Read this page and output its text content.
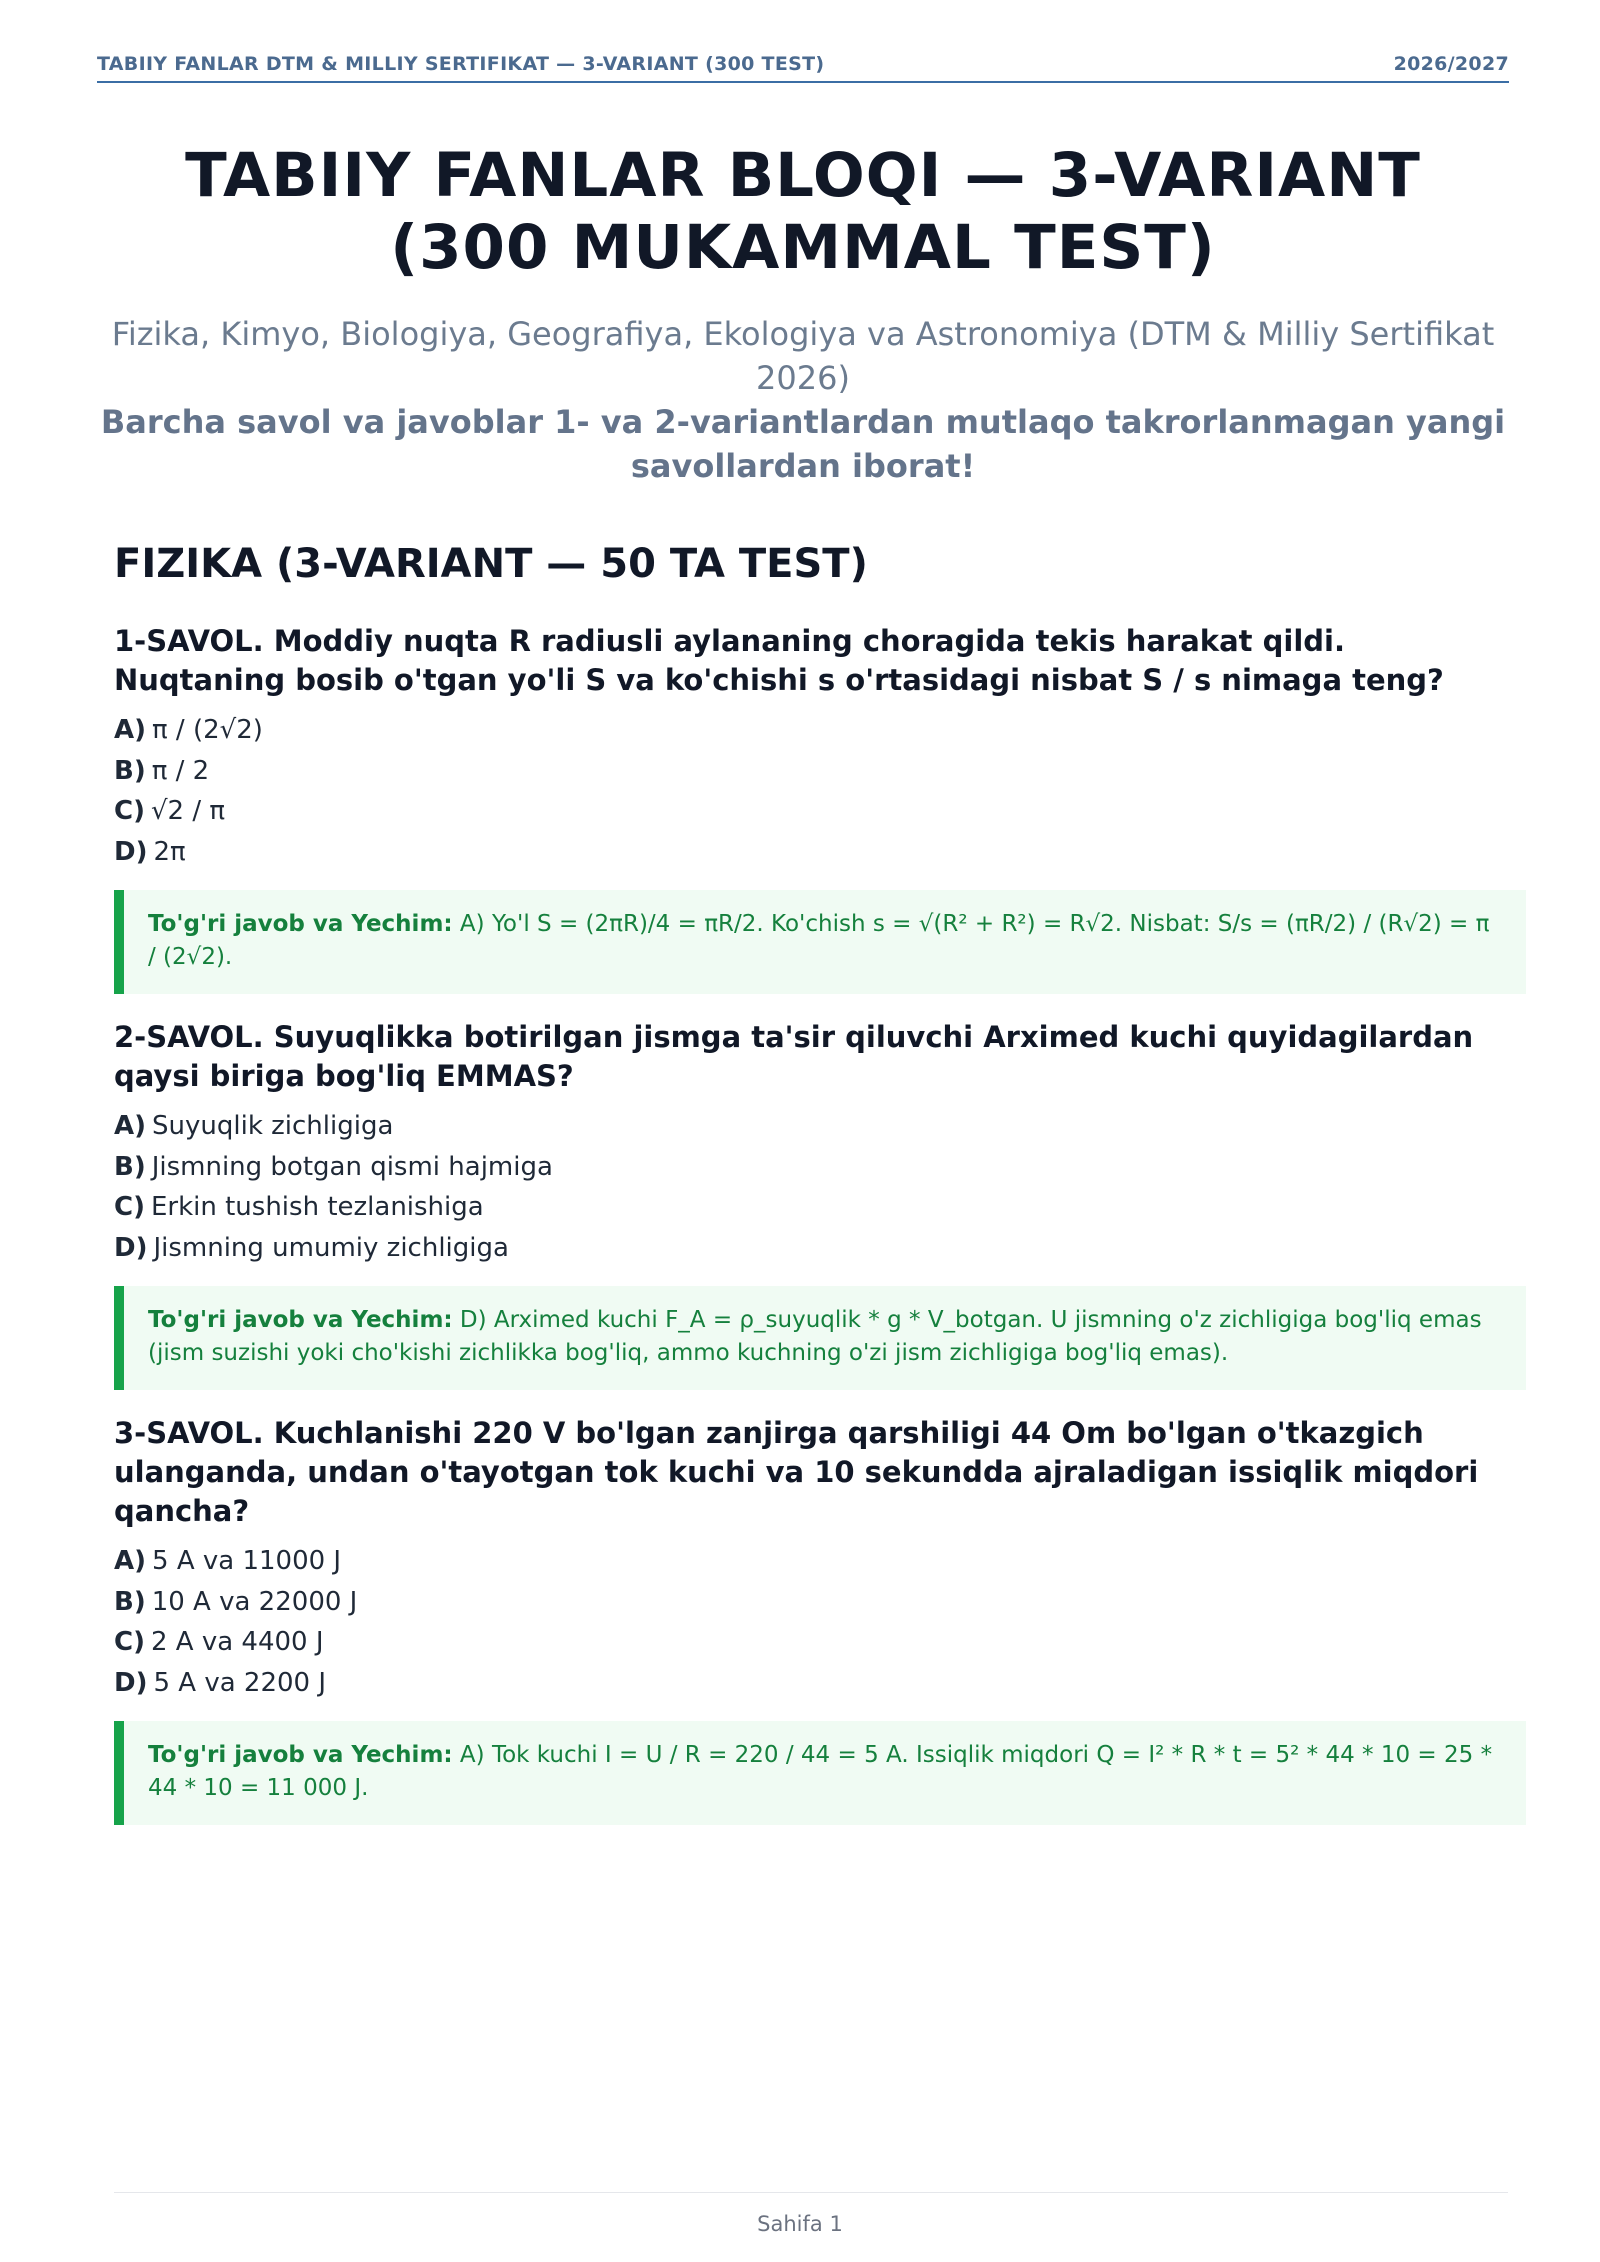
TABIIY FANLAR DTM & MILLIY SERTIFIKAT — 3-VARIANT (300 TEST)	2026/2027
TABIIY FANLAR BLOQI — 3-VARIANT (300 MUKAMMAL TEST)

Fizika, Kimyo, Biologiya, Geografiya, Ekologiya va Astronomiya (DTM & Milliy Sertifikat 2026)

Barcha savol va javoblar 1- va 2-variantlardan mutlaqo takrorlanmagan yangi savollardan iborat!

FIZIKA (3-VARIANT — 50 TA TEST)

1-SAVOL. Moddiy nuqta R radiusli aylananing choragida tekis harakat qildi. Nuqtaning bosib o'tgan yo'li S va ko'chishi s o'rtasidagi nisbat S / s nimaga teng?

A) π / (2√2)
B) π / 2
C) √2 / π
D) 2π
To'g'ri javob va Yechim: A) Yo'l S = (2πR)/4 = πR/2. Ko'chish s = √(R² + R²) = R√2. Nisbat: S/s = (πR/2) / (R√2) = π / (2√2).

2-SAVOL. Suyuqlikka botirilgan jismga ta'sir qiluvchi Arximed kuchi quyidagilardan qaysi biriga bog'liq EMMAS?

A) Suyuqlik zichligiga
B) Jismning botgan qismi hajmiga
C) Erkin tushish tezlanishiga
D) Jismning umumiy zichligiga
To'g'ri javob va Yechim: D) Arximed kuchi F_A = ρ_suyuqlik * g * V_botgan. U jismning o'z zichligiga bog'liq emas (jism suzishi yoki cho'kishi zichlikka bog'liq, ammo kuchning o'zi jism zichligiga bog'liq emas).

3-SAVOL. Kuchlanishi 220 V bo'lgan zanjirga qarshiligi 44 Om bo'lgan o'tkazgich ulanganda, undan o'tayotgan tok kuchi va 10 sekundda ajraladigan issiqlik miqdori qancha?

A) 5 A va 11000 J
B) 10 A va 22000 J
C) 2 A va 4400 J
D) 5 A va 2200 J
To'g'ri javob va Yechim: A) Tok kuchi I = U / R = 220 / 44 = 5 A. Issiqlik miqdori Q = I² * R * t = 5² * 44 * 10 = 25 * 44 * 10 = 11 000 J.
Sahifa 1
